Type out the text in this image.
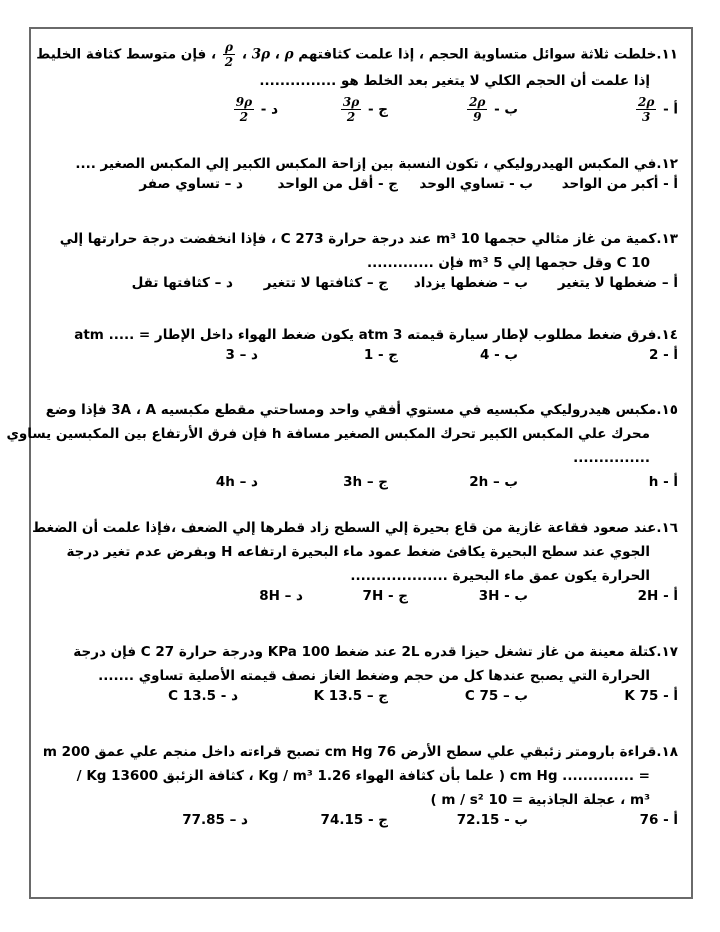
١١.خلطت ثلاثة سوائل متساوية الحجم ، إذا علمت كثافتهم 3ρ ، ρ ،
$\frac{\rho}{2}$
، فإن متوسط كثافة الخليط
إذا علمت أن الحجم الكلي لا يتغير بعد الخلط هو ...............
أ -
$\frac{2\rho}{3}$
ب -
$\frac{2\rho}{9}$
ج -
$\frac{3\rho}{2}$
د -
$\frac{9\rho}{2}$
١٢.في المكبس الهيدروليكي ، تكون النسبة بين إزاحة المكبس الكبير إلي المكبس الصغير ....
أ - أكبر من الواحد
ب - تساوي الوحد
ج - أقل من الواحد
د – تساوي صفر
١٣.كمية من غاز مثالي حجمها 10 m³ عند درجة حرارة 273 C ، فإذا انخفضت درجة حرارتها إلي
10 C وقل حجمها إلي 5 m³ فإن .............
أ – ضغطها لا يتغير
ب – ضغطها يزداد
ج – كثافتها لا تتغير
د – كثافتها تقل
١٤.فرق ضغط مطلوب لإطار سيارة قيمته 3 atm يكون ضغط الهواء داخل الإطار = ..... atm
أ - 2
ب - 4
ج - 1
د – 3
١٥.مكبس هيدروليكي مكبسيه في مستوي أفقي واحد ومساحتي مقطع مكبسيه 3A ، A فإذا وضع
محرك علي المكبس الكبير تحرك المكبس الصغير مسافة h فإن فرق الأرتفاع بين المكبسين يساوي
...............
أ - h
ب – 2h
ج – 3h
د – 4h
١٦.عند صعود فقاعة غازية من قاع بحيرة إلي السطح زاد قطرها إلي الضعف ،فإذا علمت أن الضغط
الجوي عند سطح البحيرة يكافئ ضغط عمود ماء البحيرة ارتفاعه H وبفرض عدم تغير درجة
الحرارة يكون عمق ماء البحيرة ...................
أ - 2H
ب - 3H
ج - 7H
د – 8H
١٧.كتلة معينة من غاز تشغل حيزا قدره 2L عند ضغط 100 KPa ودرجة حرارة 27 C فإن درجة
الحرارة التي يصبح عندها كل من حجم وضغط الغاز نصف قيمته الأصلية تساوي .......
أ - 75 K
ب – 75 C
ج – 13.5 K
د - 13.5 C
١٨.قراءة بارومتر زئبقي علي سطح الأرض 76 cm Hg تصبح قراءته داخل منجم علي عمق 200 m
= .............. cm Hg ( علما بأن كثافة الهواء 1.26 Kg / m³ ، كثافة الزئبق 13600 Kg /
m³ ، عجلة الجاذبية = 10 m / s² )
أ - 76
ب - 72.15
ج - 74.15
د – 77.85
